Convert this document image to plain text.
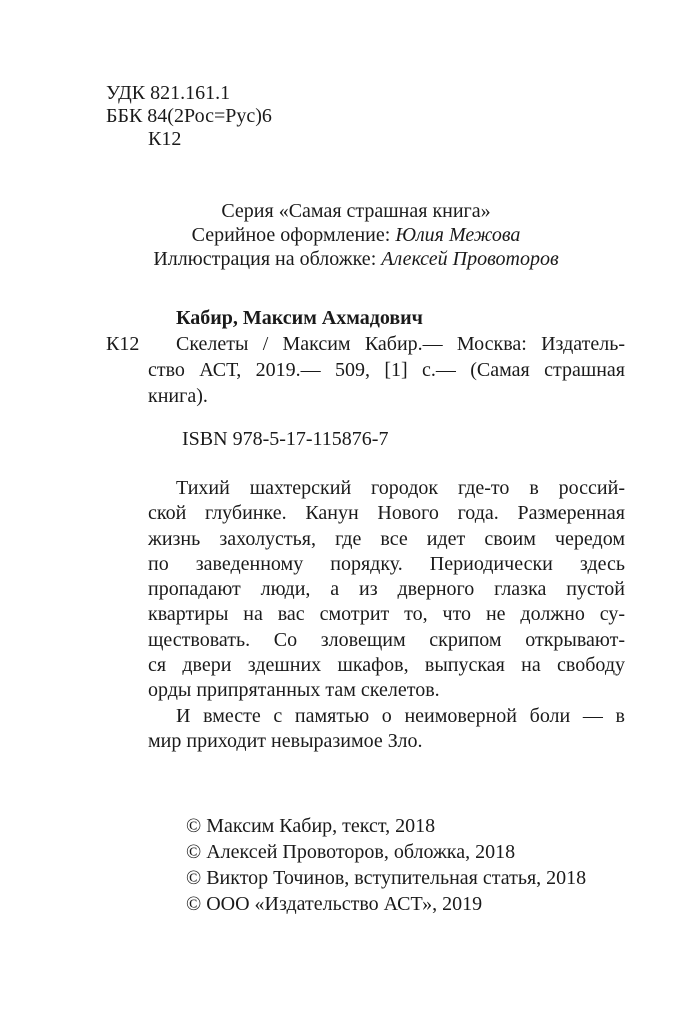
УДК 821.161.1
ББК 84(2Рос=Рус)6
К12
Серия «Самая страшная книга»
Серийное оформление: Юлия Межова
Иллюстрация на обложке: Алексей Провоторов
Кабир, Максим Ахмадович
К12	Скелеты / Максим Кабир.— Москва: Издатель-
ство АСТ, 2019.— 509, [1] с.— (Самая страшная
книга).
ISBN 978-5-17-115876-7
Тихий шахтерский городок где-то в россий-
ской глубинке. Канун Нового года. Размеренная
жизнь захолустья, где все идет своим чередом
по заведенному порядку. Периодически здесь
пропадают люди, а из дверного глазка пустой
квартиры на вас смотрит то, что не должно су-
ществовать. Со зловещим скрипом открывают-
ся двери здешних шкафов, выпуская на свободу
орды припрятанных там скелетов.
И вместе с памятью о неимоверной боли — в
мир приходит невыразимое Зло.
© Максим Кабир, текст, 2018
© Алексей Провоторов, обложка, 2018
© Виктор Точинов, вступительная статья, 2018
© ООО «Издательство АСТ», 2019
